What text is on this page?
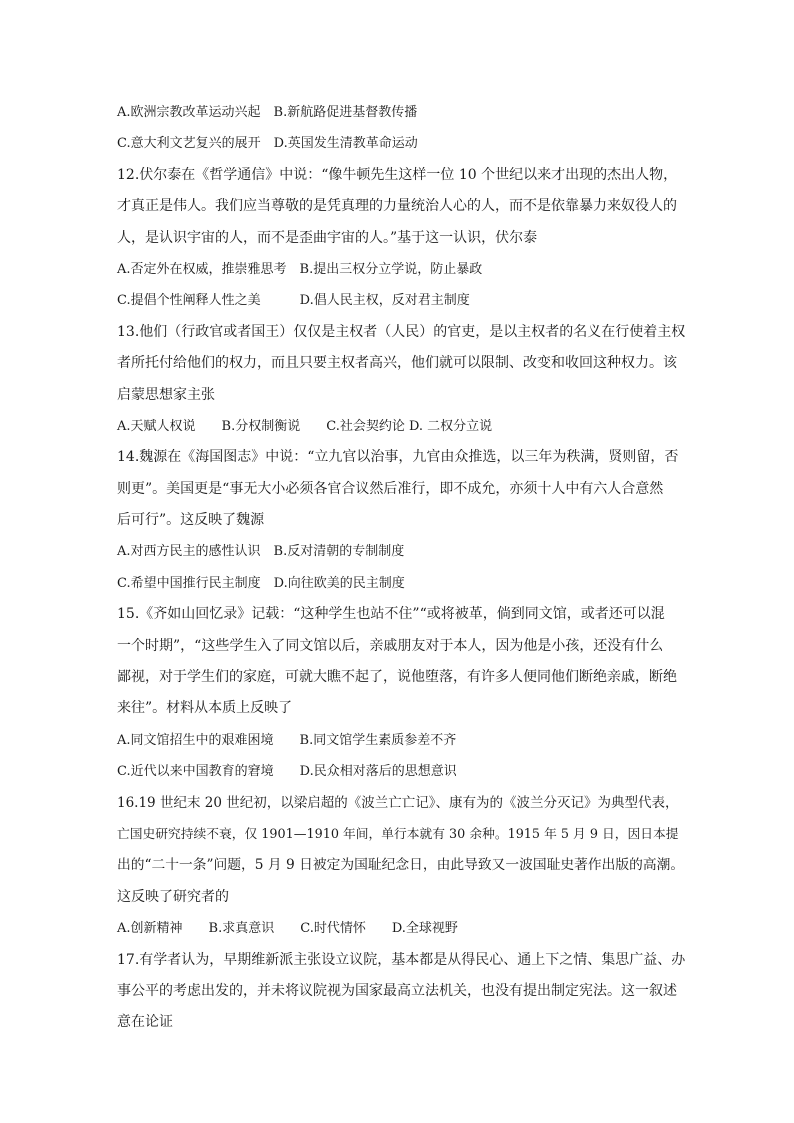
A.欧洲宗教改革运动兴起　B.新航路促进基督教传播
C.意大利文艺复兴的展开　D.英国发生清教革命运动
12.伏尔泰在《哲学通信》中说：“像牛顿先生这样一位 10 个世纪以来才出现的杰出人物，
才真正是伟人。我们应当尊敬的是凭真理的力量统治人心的人，而不是依靠暴力来奴役人的
人，是认识宇宙的人，而不是歪曲宇宙的人。”基于这一认识，伏尔泰
A.否定外在权威，推崇雅思考　B.提出三权分立学说，防止暴政
C.提倡个性阐释人性之美　　　D.倡人民主权，反对君主制度
13.他们（行政官或者国王）仅仅是主权者（人民）的官吏，是以主权者的名义在行使着主权
者所托付给他们的权力，而且只要主权者高兴，他们就可以限制、改变和收回这种权力。该
启蒙思想家主张
A.天赋人权说　　B.分权制衡说　　C.社会契约论 D. 二权分立说
14.魏源在《海国图志》中说：“立九官以治事，九官由众推选，以三年为秩满，贤则留，否
则更”。美国更是“事无大小必须各官合议然后准行，即不成允，亦须十人中有六人合意然
后可行”。这反映了魏源
A.对西方民主的感性认识　B.反对清朝的专制制度
C.希望中国推行民主制度　D.向往欧美的民主制度
15.《齐如山回忆录》记载：“这种学生也站不住”“或将被革，倘到同文馆，或者还可以混
一个时期”，“这些学生入了同文馆以后，亲戚朋友对于本人，因为他是小孩，还没有什么
鄙视，对于学生们的家庭，可就大瞧不起了，说他堕落，有许多人便同他们断绝亲戚，断绝
来往”。材料从本质上反映了
A.同文馆招生中的艰难困境　　B.同文馆学生素质参差不齐
C.近代以来中国教育的窘境　　D.民众相对落后的思想意识
16.19 世纪末 20 世纪初，以梁启超的《波兰亡亡记》、康有为的《波兰分灭记》为典型代表，
亡国史研究持续不衰，仅 1901—1910 年间，单行本就有 30 余种。1915 年 5 月 9 日，因日本提
出的“二十一条”问题，5 月 9 日被定为国耻纪念日，由此导致又一波国耻史著作出版的高潮。
这反映了研究者的
A.创新精神　　B.求真意识　　C.时代情怀　　D.全球视野
17.有学者认为，早期维新派主张设立议院，基本都是从得民心、通上下之情、集思广益、办
事公平的考虑出发的，并未将议院视为国家最高立法机关，也没有提出制定宪法。这一叙述
意在论证
